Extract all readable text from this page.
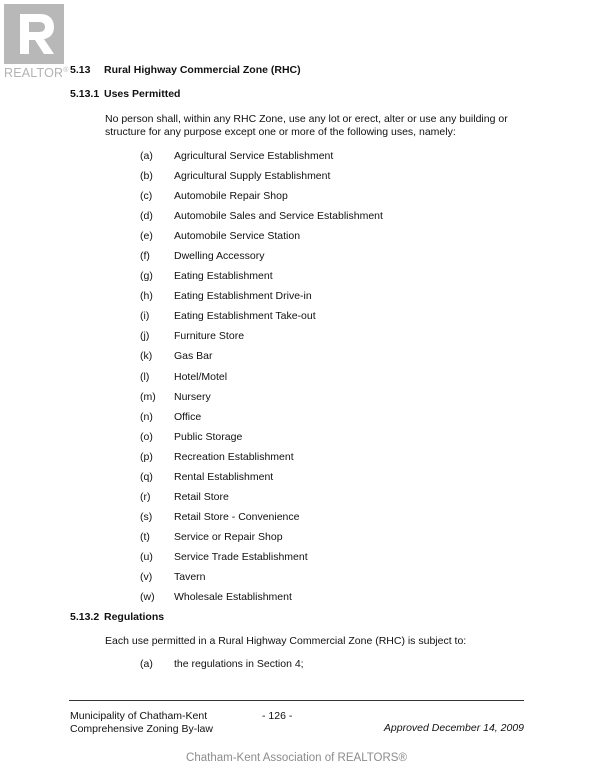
REALTOR® 5.13 Rural Highway Commercial Zone (RHC)
5.13.1 Uses Permitted
No person shall, within any RHC Zone, use any lot or erect, alter or use any building or structure for any purpose except one or more of the following uses, namely:
(a) Agricultural Service Establishment
(b) Agricultural Supply Establishment
(c) Automobile Repair Shop
(d) Automobile Sales and Service Establishment
(e) Automobile Service Station
(f) Dwelling Accessory
(g) Eating Establishment
(h) Eating Establishment Drive-in
(i) Eating Establishment Take-out
(j) Furniture Store
(k) Gas Bar
(l) Hotel/Motel
(m) Nursery
(n) Office
(o) Public Storage
(p) Recreation Establishment
(q) Rental Establishment
(r) Retail Store
(s) Retail Store - Convenience
(t) Service or Repair Shop
(u) Service Trade Establishment
(v) Tavern
(w) Wholesale Establishment
5.13.2 Regulations
Each use permitted in a Rural Highway Commercial Zone (RHC) is subject to:
(a) the regulations in Section 4;
Municipality of Chatham-Kent
Comprehensive Zoning By-law
- 126 -
Approved December 14, 2009
Chatham-Kent Association of REALTORS®
